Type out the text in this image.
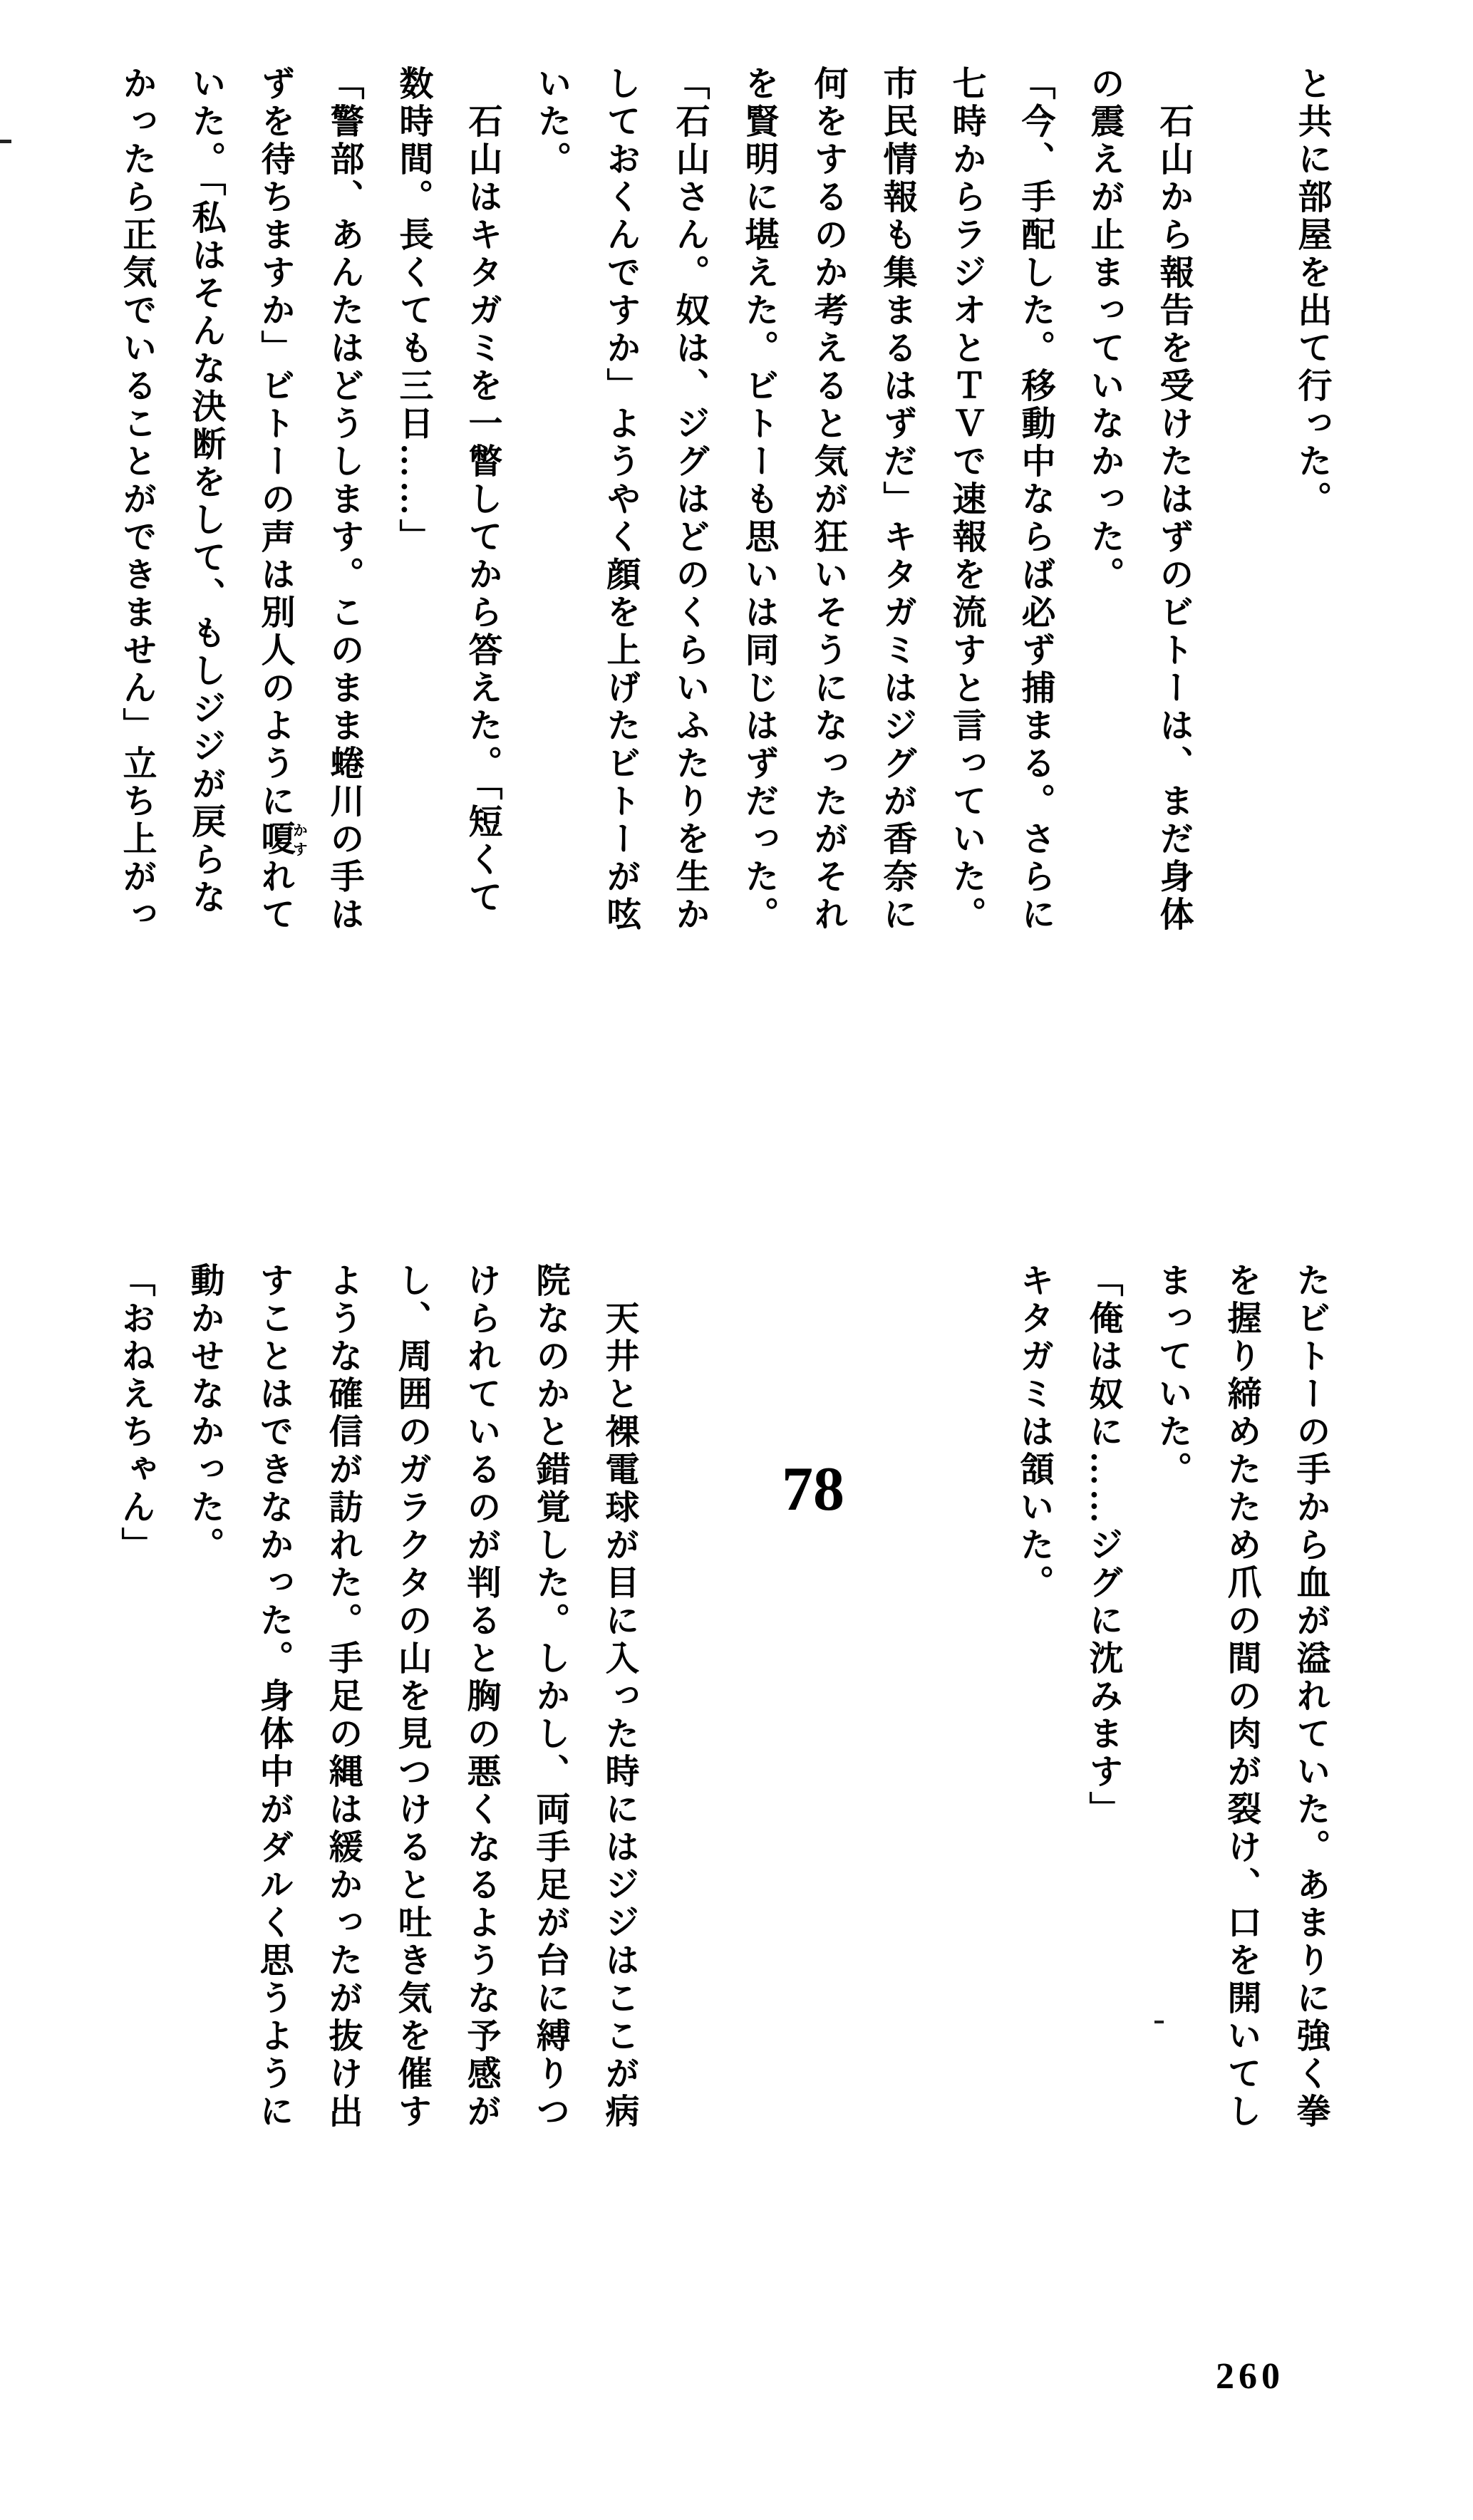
と共に部屋を出て行った。

　石山から報告を受けたはずのビトーは、まだ身体
の震えが止まっていなかった。
「今、手配した。移動中ならば必ず捕まる。さらに
七時からラジオとＴＶで速報を流すと言っていた。
市民情報も集まるはずだ」キタガミはジグが香奈に
何をするのか考えると気が狂いそうになったがそれ
を賢明に堪えた。ビトーも思いは同じはずだった。
「石山さん。奴は、ジグはどのくらいふたりを生か
しておくんですか」ようやく顔を上げたビトーが呟
いた。
　石山はキタガミを一瞥してから答えた。「短くて
数時間。長くても三日……」
「警部、あんたはどうします。このまま蜷川の手は
ずを待ちますか」ビトーの声は別人のように嗄かすれて
いた。「私はそんな決断をして、もしジジが戻らな
かったら正気でいることができません」立ち上がっ
たビトーの手から血が溢れていた。あまりに強く拳
を握り締めたため爪の間の肉が裂け、口を開いてし
まっていた。
「俺は奴に……ジグに沈みます」
キタガミは頷いた。

　天井と裸電球が目に入った時にはジジはここが病
院なのかと錯覚した。しかし、両手足が台に縛りつ
けられているのが判ると胸の悪くなるような予感が
し、周囲のガラクタの山を見つけると吐き気を催す
ような確信が訪れた。手足の縄は緩かったが抜け出
すことはできなかった。身体中がダルく思うように
動かせなかった。
「おねえちゃん」	78
260
